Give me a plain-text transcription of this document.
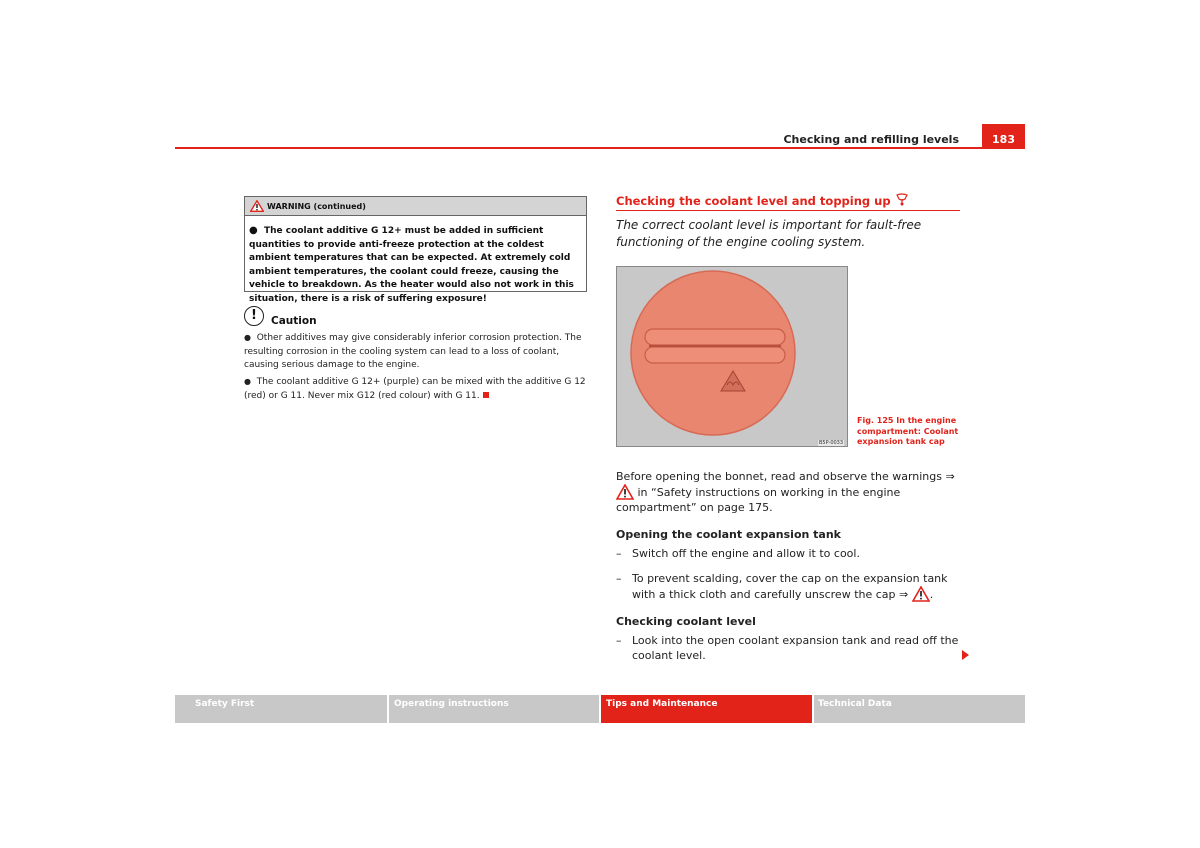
Checking and refilling levels	183
WARNING (continued)
● The coolant additive G 12+ must be added in sufficient quantities to provide anti-freeze protection at the coldest ambient temperatures that can be expected. At extremely cold ambient temperatures, the coolant could freeze, causing the vehicle to breakdown. As the heater would also not work in this situation, there is a risk of suffering exposure!
!	Caution
● Other additives may give considerably inferior corrosion protection. The resulting corrosion in the cooling system can lead to a loss of coolant, causing serious damage to the engine.
● The coolant additive G 12+ (purple) can be mixed with the additive G 12 (red) or G 11. Never mix G12 (red colour) with G 11.
Checking the coolant level and topping up
The correct coolant level is important for fault-free functioning of the engine cooling system.
B5P-0033
Fig. 125 In the engine compartment: Coolant expansion tank cap
Before opening the bonnet, read and observe the warnings ⇒  in “Safety instructions on working in the engine compartment” on page 175.
Opening the coolant expansion tank
– Switch off the engine and allow it to cool.
– To prevent scalding, cover the cap on the expansion tank with a thick cloth and carefully unscrew the cap ⇒ .
Checking coolant level
– Look into the open coolant expansion tank and read off the coolant level.
Safety First	Operating instructions	Tips and Maintenance	Technical Data
